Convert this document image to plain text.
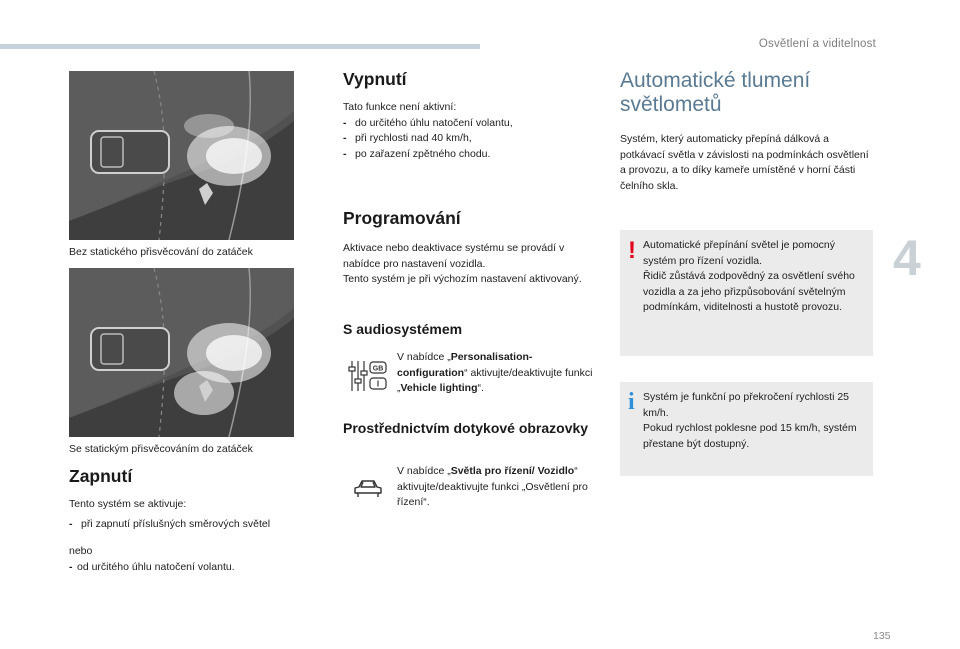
Osvětlení a viditelnost
4
135
Bez statického přisvěcování do zatáček
Se statickým přisvěcováním do zatáček
Zapnutí
Tento systém se aktivuje:
- při zapnutí příslušných směrových světel
nebo
- od určitého úhlu natočení volantu.
Vypnutí
Tato funkce není aktivní:
- do určitého úhlu natočení volantu,
- při rychlosti nad 40 km/h,
- po zařazení zpětného chodu.
Programování
Aktivace nebo deaktivace systému se provádí v nabídce pro nastavení vozidla.
Tento systém je při výchozím nastavení aktivovaný.
S audiosystémem
GB
I
V nabídce „Personalisation-configuration“ aktivujte/deaktivujte funkci „Vehicle lighting“.
Prostřednictvím dotykové obrazovky
V nabídce „Světla pro řízení/ Vozidlo“ aktivujte/deaktivujte funkci „Osvětlení pro řízení“.
Automatické tlumení světlometů
Systém, který automaticky přepíná dálková a potkávací světla v závislosti na podmínkách osvětlení a provozu, a to díky kameře umístěné v horní části čelního skla.
! Automatické přepínání světel je pomocný systém pro řízení vozidla.
Řidič zůstává zodpovědný za osvětlení svého vozidla a za jeho přizpůsobování světelným podmínkám, viditelnosti a hustotě provozu.
i Systém je funkční po překročení rychlosti 25 km/h.
Pokud rychlost poklesne pod 15 km/h, systém přestane být dostupný.
